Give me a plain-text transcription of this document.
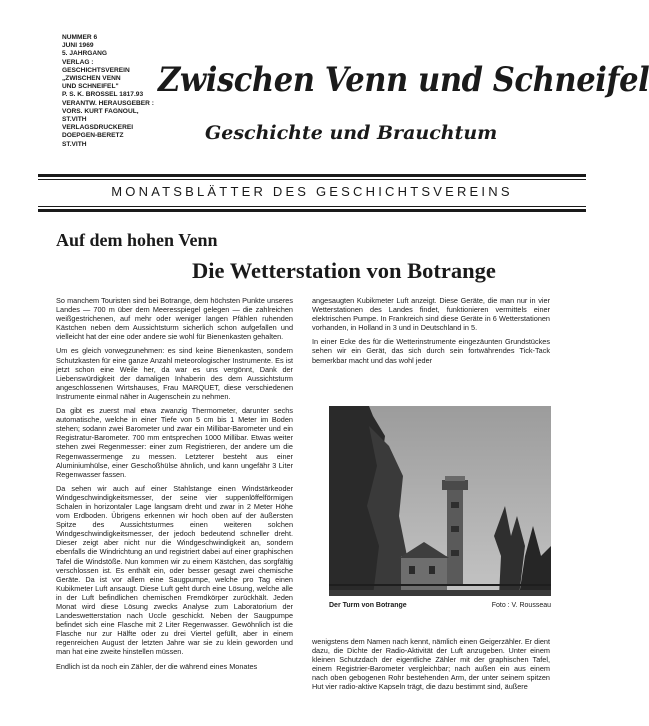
NUMMER 6
JUNI 1969
5. JAHRGANG
VERLAG :
GESCHICHTSVEREIN
„ZWISCHEN VENN
UND SCHNEIFEL"
P. S. K. BROSSEL 1817.93
VERANTW. HERAUSGEBER :
VORS. KURT FAGNOUL,
ST.VITH
VERLAGSDRUCKEREI
DOEPGEN-BERETZ
ST.VITH
Zwischen Venn und Schneifel
Geschichte und Brauchtum
MONATSBLÄTTER DES GESCHICHTSVEREINS
Auf dem hohen Venn
Die Wetterstation von Botrange

So manchem Touristen sind bei Botrange, dem höchsten Punkte unseres Landes — 700 m über dem Meeresspiegel gelegen — die zahlreichen weißgestrichenen, auf mehr oder weniger langen Pfählen ruhenden Kästchen neben dem Aussichtsturm sicherlich schon aufgefallen und vielleicht hat der eine oder andere sie wohl für Bienenkasten gehalten.

Um es gleich vorwegzunehmen: es sind keine Bienenkasten, sondern Schutzkasten für eine ganze Anzahl meteorologischer Instrumente. Es ist jetzt schon eine Weile her, da war es uns vergönnt, Dank der Liebenswürdigkeit der damaligen Inhaberin des dem Aussichtsturm angeschlossenen Wirtshauses, Frau MARQUET, diese verschiedenen Instrumente einmal näher in Augenschein zu nehmen.

Da gibt es zuerst mal etwa zwanzig Thermometer, darunter sechs automatische, welche in einer Tiefe von 5 cm bis 1 Meter im Boden stehen; sodann zwei Barometer und zwar ein Millibar-Barometer und ein Registratur-Barometer. 700 mm entsprechen 1000 Millibar. Etwas weiter stehen zwei Regenmesser: einer zum Registrieren, der andere um die Regenwassermenge zu messen. Letzterer besteht aus einer Aluminiumhülse, einer Geschoßhülse ähnlich, und kann ungefähr 3 Liter Regenwasser fassen.

Da sehen wir auch auf einer Stahlstange einen Windstärkeoder Windgeschwindigkeitsmesser, der seine vier suppenlöffelförmigen Schalen in horizontaler Lage langsam dreht und zwar in 2 Meter Höhe vom Erdboden. Übrigens erkennen wir hoch oben auf der äußersten Spitze des Aussichtsturmes einen weiteren solchen Windgeschwindigkeitsmesser, der jedoch bedeutend schneller dreht. Dieser zeigt aber nicht nur die Windgeschwindigkeit an, sondern ebenfalls die Windrichtung an und registriert dabei auf einer graphischen Tafel die Windstöße. Nun kommen wir zu einem Kästchen, das sorgfältig verschlossen ist. Es enthält ein, oder besser gesagt zwei chemische Geräte. Da ist vor allem eine Saugpumpe, welche pro Tag einen Kubikmeter Luft ansaugt. Diese Luft geht durch eine Lösung, welche alle in der Luft befindlichen chemischen Fremdkörper zurückhält. Jeden Monat wird diese Lösung zwecks Analyse zum Laboratorium der Landeswetterstation nach Uccle geschickt. Neben der Saugpumpe befindet sich eine Flasche mit 2 Liter Regenwasser. Gewöhnlich ist die Flasche nur zur Hälfte oder zu drei Viertel gefüllt, aber in einem regenreichen August der letzten Jahre war sie zu klein geworden und man hat eine zweite hinstellen müssen.

Endlich ist da noch ein Zähler, der die während eines Monates

angesaugten Kubikmeter Luft anzeigt. Diese Geräte, die man nur in vier Wetterstationen des Landes findet, funktionieren vermittels einer elektrischen Pumpe. In Frankreich sind diese Geräte in 6 Wetterstationen vorhanden, in Holland in 3 und in Deutschland in 5.

In einer Ecke des für die Wetterinstrumente eingezäunten Grundstückes sehen wir ein Gerät, das sich durch sein fortwährendes Tick-Tack bemerkbar macht und das wohl jeder

Der Turm von Botrange	Foto : V. Rousseau

wenigstens dem Namen nach kennt, nämlich einen Geigerzähler. Er dient dazu, die Dichte der Radio-Aktivität der Luft anzugeben. Unter einem kleinen Schutzdach der eigentliche Zähler mit der graphischen Tafel, einem Registrier-Barometer vergleichbar; nach außen ein aus einem nach oben gebogenen Rohr bestehenden Arm, der unter seinem spitzen Hut vier radio-aktive Kapseln trägt, die dazu bestimmt sind, äußere
